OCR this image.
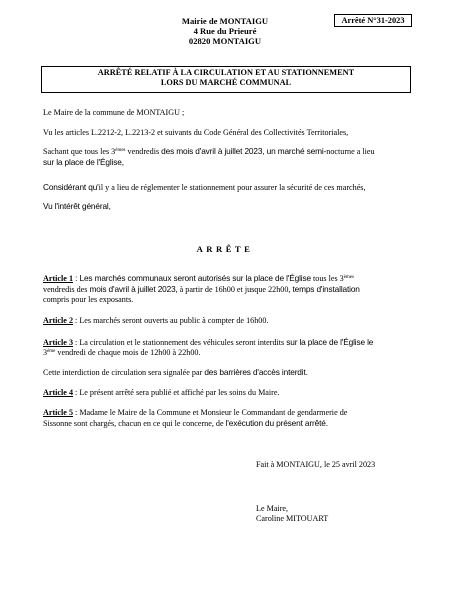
Mairie de MONTAIGU
4 Rue du Prieuré
02820 MONTAIGU
Arrêté N°31-2023
ARRÊTÉ RELATIF À LA CIRCULATION ET AU STATIONNEMENT
LORS DU MARCHÉ COMMUNAL
Le Maire de la commune de MONTAIGU ;
Vu les articles L.2212-2, L.2213-2 et suivants du Code Général des Collectivités Territoriales,
Sachant que tous les 3èmes vendredis des mois d'avril à juillet 2023, un marché semi-nocturne a lieu
sur la place de l'Église,
Considérant qu'il y a lieu de réglementer le stationnement pour assurer la sécurité de ces marchés,
Vu l'intérêt général,
ARRÊTE
Article 1 : Les marchés communaux seront autorisés sur la place de l'Église tous les 3èmes
vendredis des mois d'avril à juillet 2023, à partir de 16h00 et jusque 22h00, temps d'installation
compris pour les exposants.
Article 2 : Les marchés seront ouverts au public à compter de 16h00.
Article 3 : La circulation et le stationnement des véhicules seront interdits sur la place de l'Église le
3ème vendredi de chaque mois de 12h00 à 22h00.
Cette interdiction de circulation sera signalée par des barrières d'accès interdit.
Article 4 : Le présent arrêté sera publié et affiché par les soins du Maire.
Article 5 : Madame le Maire de la Commune et Monsieur le Commandant de gendarmerie de
Sissonne sont chargés, chacun en ce qui le concerne, de l'exécution du présent arrêté.
Fait à MONTAIGU, le 25 avril 2023
Le Maire,
Caroline MITOUART
